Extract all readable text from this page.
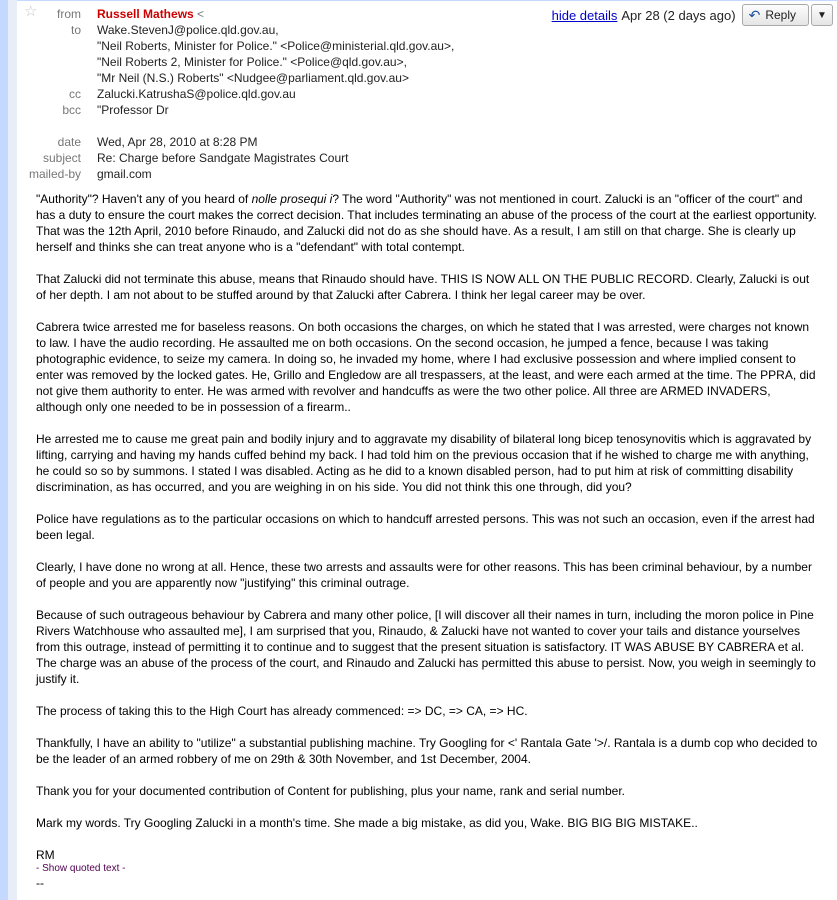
☆	from	Russell Mathews <
to	Wake.StevenJ@police.qld.gov.au,
"Neil Roberts, Minister for Police." <Police@ministerial.qld.gov.au>,
"Neil Roberts 2, Minister for Police." <Police@qld.gov.au>,
"Mr Neil (N.S.) Roberts" <Nudgee@parliament.qld.gov.au>
cc	Zalucki.KatrushaS@police.qld.gov.au
bcc	"Professor Dr
date	Wed, Apr 28, 2010 at 8:28 PM
subject	Re: Charge before Sandgate Magistrates Court
mailed-by	gmail.com
hide details Apr 28 (2 days ago) ↶ Reply ▼

"Authority"? Haven't any of you heard of nolle prosequi i? The word "Authority" was not mentioned in court. Zalucki is an "officer of the court" and has a duty to ensure the court makes the correct decision. That includes terminating an abuse of the process of the court at the earliest opportunity. That was the 12th April, 2010 before Rinaudo, and Zalucki did not do as she should have. As a result, I am still on that charge. She is clearly up herself and thinks she can treat anyone who is a "defendant" with total contempt.

That Zalucki did not terminate this abuse, means that Rinaudo should have. THIS IS NOW ALL ON THE PUBLIC RECORD. Clearly, Zalucki is out of her depth. I am not about to be stuffed around by that Zalucki after Cabrera. I think her legal career may be over.

Cabrera twice arrested me for baseless reasons. On both occasions the charges, on which he stated that I was arrested, were charges not known to law. I have the audio recording. He assaulted me on both occasions. On the second occasion, he jumped a fence, because I was taking photographic evidence, to seize my camera. In doing so, he invaded my home, where I had exclusive possession and where implied consent to enter was removed by the locked gates. He, Grillo and Engledow are all trespassers, at the least, and were each armed at the time. The PPRA, did not give them authority to enter. He was armed with revolver and handcuffs as were the two other police. All three are ARMED INVADERS, although only one needed to be in possession of a firearm..

He arrested me to cause me great pain and bodily injury and to aggravate my disability of bilateral long bicep tenosynovitis which is aggravated by lifting, carrying and having my hands cuffed behind my back. I had told him on the previous occasion that if he wished to charge me with anything, he could so so by summons. I stated I was disabled. Acting as he did to a known disabled person, had to put him at risk of committing disability discrimination, as has occurred, and you are weighing in on his side. You did not think this one through, did you?

Police have regulations as to the particular occasions on which to handcuff arrested persons. This was not such an occasion, even if the arrest had been legal.

Clearly, I have done no wrong at all. Hence, these two arrests and assaults were for other reasons. This has been criminal behaviour, by a number of people and you are apparently now "justifying" this criminal outrage.

Because of such outrageous behaviour by Cabrera and many other police, [I will discover all their names in turn, including the moron police in Pine Rivers Watchhouse who assaulted me], I am surprised that you, Rinaudo, & Zalucki have not wanted to cover your tails and distance yourselves from this outrage, instead of permitting it to continue and to suggest that the present situation is satisfactory. IT WAS ABUSE BY CABRERA et al. The charge was an abuse of the process of the court, and Rinaudo and Zalucki has permitted this abuse to persist. Now, you weigh in seemingly to justify it.

The process of taking this to the High Court has already commenced: => DC, => CA, => HC.

Thankfully, I have an ability to "utilize" a substantial publishing machine. Try Googling for <' Rantala Gate '>/. Rantala is a dumb cop who decided to be the leader of an armed robbery of me on 29th & 30th November, and 1st December, 2004.

Thank you for your documented contribution of Content for publishing, plus your name, rank and serial number.

Mark my words. Try Googling Zalucki in a month's time. She made a big mistake, as did you, Wake. BIG BIG BIG MISTAKE..

RM
- Show quoted text -
--
